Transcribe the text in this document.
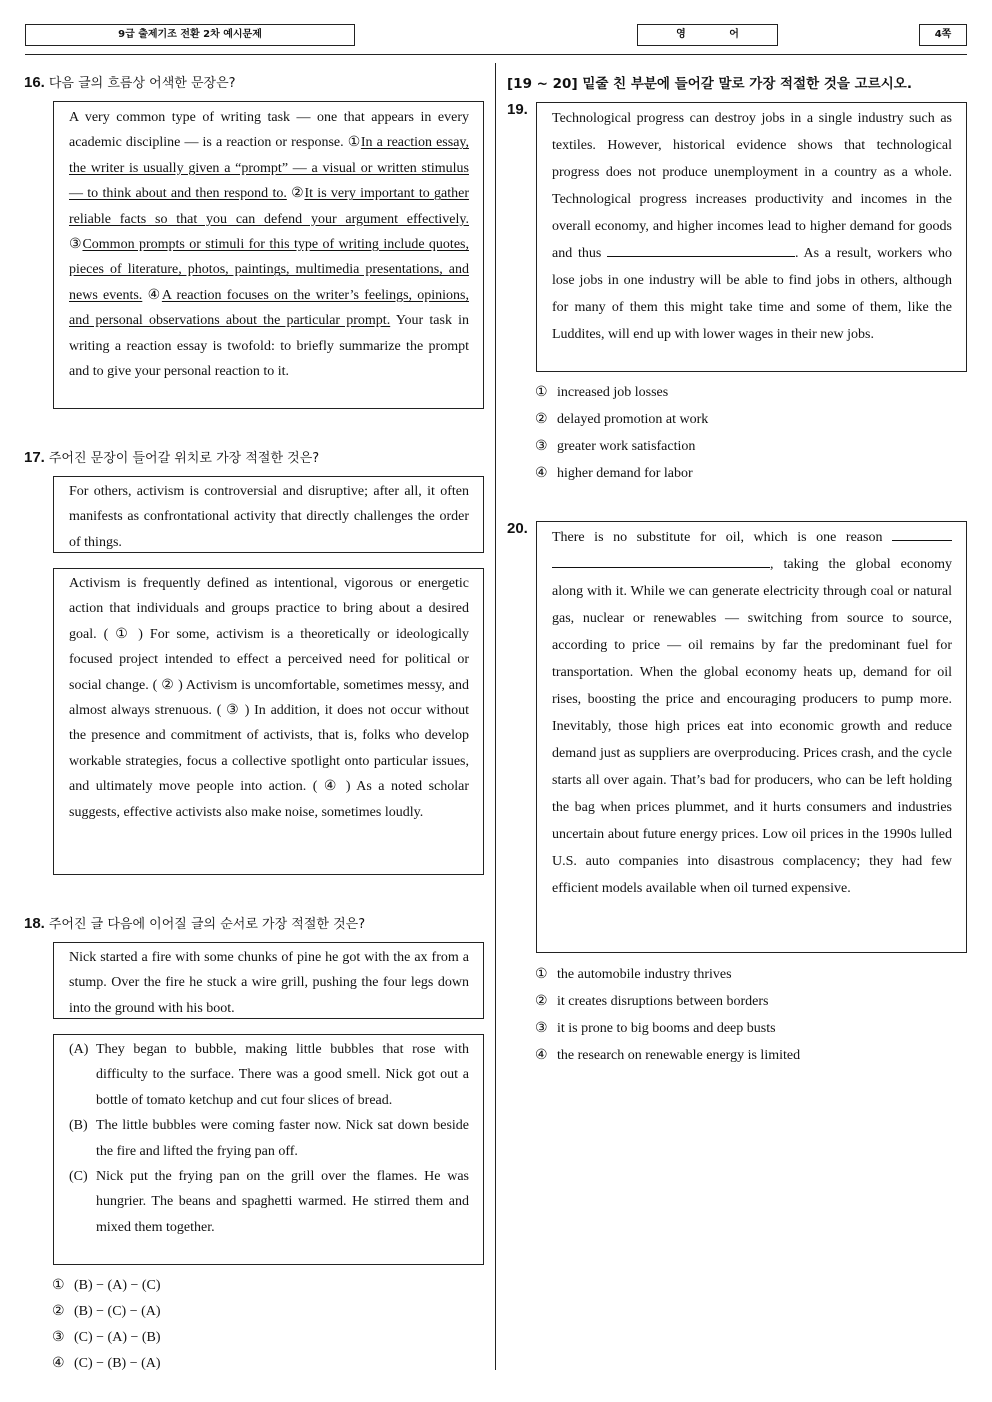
9급 출제기조 전환 2차 예시문제	영 어	4쪽
16. 다음 글의 흐름상 어색한 문장은?

A very common type of writing task — one that appears in every academic discipline — is a reaction or response. ①In a reaction essay, the writer is usually given a “prompt” — a visual or written stimulus — to think about and then respond to. ②It is very important to gather reliable facts so that you can defend your argument effectively. ③Common prompts or stimuli for this type of writing include quotes, pieces of literature, photos, paintings, multimedia presentations, and news events. ④A reaction focuses on the writer’s feelings, opinions, and personal observations about the particular prompt. Your task in writing a reaction essay is twofold: to briefly summarize the prompt and to give your personal reaction to it.

17. 주어진 문장이 들어갈 위치로 가장 적절한 것은?

For others, activism is controversial and disruptive; after all, it often manifests as confrontational activity that directly challenges the order of things.

Activism is frequently defined as intentional, vigorous or energetic action that individuals and groups practice to bring about a desired goal. ( ① ) For some, activism is a theoretically or ideologically focused project intended to effect a perceived need for political or social change. ( ② ) Activism is uncomfortable, sometimes messy, and almost always strenuous. ( ③ ) In addition, it does not occur without the presence and commitment of activists, that is, folks who develop workable strategies, focus a collective spotlight onto particular issues, and ultimately move people into action. ( ④ ) As a noted scholar suggests, effective activists also make noise, sometimes loudly.

18. 주어진 글 다음에 이어질 글의 순서로 가장 적절한 것은?

Nick started a fire with some chunks of pine he got with the ax from a stump. Over the fire he stuck a wire grill, pushing the four legs down into the ground with his boot.

(A) They began to bubble, making little bubbles that rose with difficulty to the surface. There was a good smell. Nick got out a bottle of tomato ketchup and cut four slices of bread.
(B) The little bubbles were coming faster now. Nick sat down beside the fire and lifted the frying pan off.
(C) Nick put the frying pan on the grill over the flames. He was hungrier. The beans and spaghetti warmed. He stirred them and mixed them together.
① (B) − (A) − (C)
② (B) − (C) − (A)
③ (C) − (A) − (B)
④ (C) − (B) − (A)
[19 ~ 20] 밑줄 친 부분에 들어갈 말로 가장 적절한 것을 고르시오.
19.

Technological progress can destroy jobs in a single industry such as textiles. However, historical evidence shows that technological progress does not produce unemployment in a country as a whole. Technological progress increases productivity and incomes in the overall economy, and higher incomes lead to higher demand for goods and thus	. As a result, workers who lose jobs in one industry will be able to find jobs in others, although for many of them this might take time and some of them, like the Luddites, will end up with lower wages in their new jobs.

① increased job losses
② delayed promotion at work
③ greater work satisfaction
④ higher demand for labor
20.

There is no substitute for oil, which is one reason  , taking the global economy along with it. While we can generate electricity through coal or natural gas, nuclear or renewables — switching from source to source, according to price — oil remains by far the predominant fuel for transportation. When the global economy heats up, demand for oil rises, boosting the price and encouraging producers to pump more. Inevitably, those high prices eat into economic growth and reduce demand just as suppliers are overproducing. Prices crash, and the cycle starts all over again. That’s bad for producers, who can be left holding the bag when prices plummet, and it hurts consumers and industries uncertain about future energy prices. Low oil prices in the 1990s lulled U.S. auto companies into disastrous complacency; they had few efficient models available when oil turned expensive.

① the automobile industry thrives
② it creates disruptions between borders
③ it is prone to big booms and deep busts
④ the research on renewable energy is limited
